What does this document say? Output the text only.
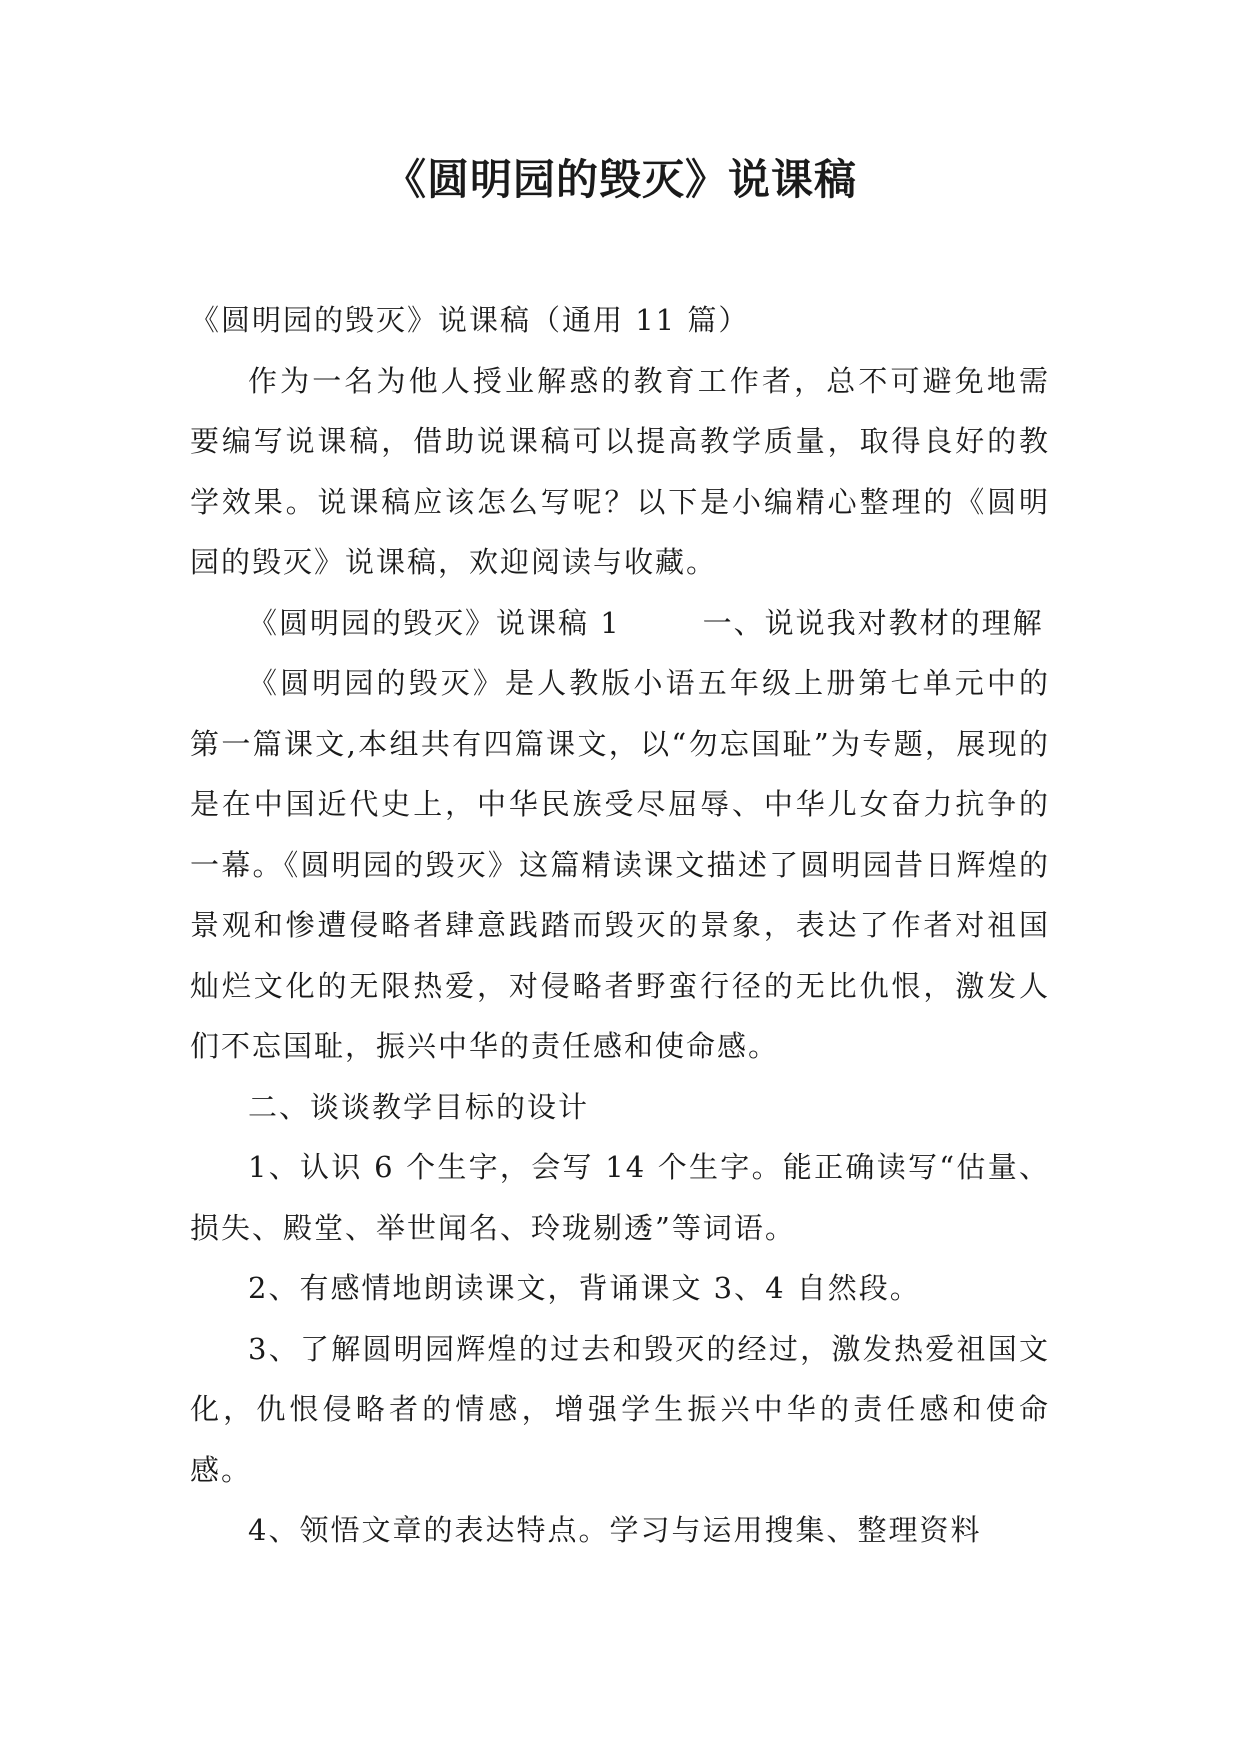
《圆明园的毁灭》说课稿

《圆明园的毁灭》说课稿（通用 11 篇）

作为一名为他人授业解惑的教育工作者，总不可避免地需要编写说课稿，借助说课稿可以提高教学质量，取得良好的教学效果。说课稿应该怎么写呢？以下是小编精心整理的《圆明园的毁灭》说课稿，欢迎阅读与收藏。

《圆明园的毁灭》说课稿 1	一、说说我对教材的理解

《圆明园的毁灭》是人教版小语五年级上册第七单元中的第一篇课文,本组共有四篇课文，以“勿忘国耻”为专题，展现的是在中国近代史上，中华民族受尽屈辱、中华儿女奋力抗争的一幕。《圆明园的毁灭》这篇精读课文描述了圆明园昔日辉煌的景观和惨遭侵略者肆意践踏而毁灭的景象，表达了作者对祖国灿烂文化的无限热爱，对侵略者野蛮行径的无比仇恨，激发人们不忘国耻，振兴中华的责任感和使命感。

二、谈谈教学目标的设计

1、认识 6 个生字，会写 14 个生字。能正确读写“估量、损失、殿堂、举世闻名、玲珑剔透”等词语。

2、有感情地朗读课文，背诵课文 3、4 自然段。

3、了解圆明园辉煌的过去和毁灭的经过，激发热爱祖国文化，仇恨侵略者的情感，增强学生振兴中华的责任感和使命感。

4、领悟文章的表达特点。学习与运用搜集、整理资料
